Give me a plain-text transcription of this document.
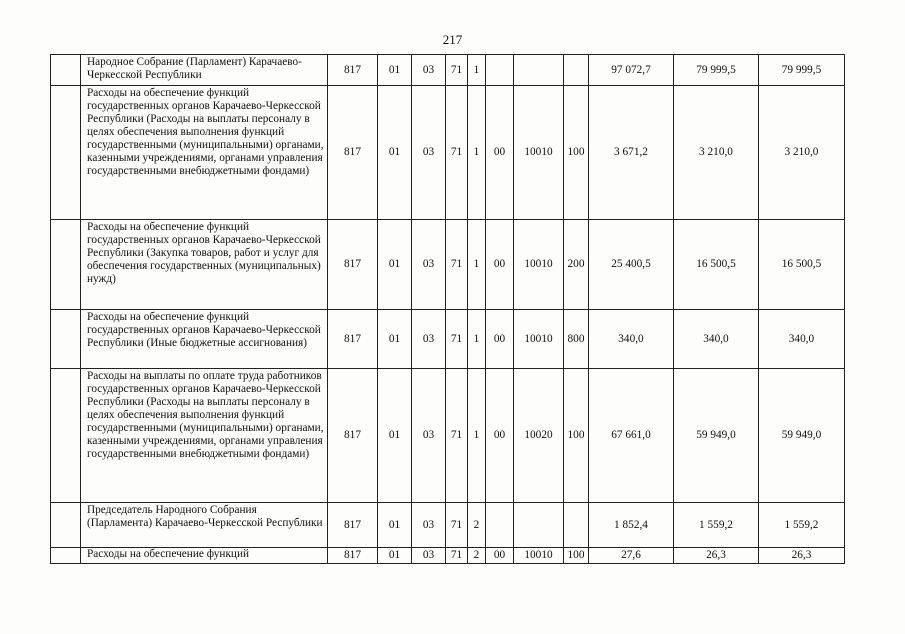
217
	Народное Собрание (Парламент) Карачаево-Черкесской Республики	817	01	03	71	1				97 072,7	79 999,5	79 999,5
	Расходы на обеспечение функций государственных органов Карачаево-Черкесской Республики (Расходы на выплаты персоналу в целях обеспечения выполнения функций государственными (муниципальными) органами, казенными учреждениями, органами управления государственными внебюджетными фондами)	817	01	03	71	1	00	10010	100	3 671,2	3 210,0	3 210,0
	Расходы на обеспечение функций государственных органов Карачаево-Черкесской Республики (Закупка товаров, работ и услуг для обеспечения государственных (муниципальных) нужд)	817	01	03	71	1	00	10010	200	25 400,5	16 500,5	16 500,5
	Расходы на обеспечение функций государственных органов Карачаево-Черкесской Республики (Иные бюджетные ассигнования)	817	01	03	71	1	00	10010	800	340,0	340,0	340,0
	Расходы на выплаты по оплате труда работников государственных органов Карачаево-Черкесской Республики (Расходы на выплаты персоналу в целях обеспечения выполнения функций государственными (муниципальными) органами, казенными учреждениями, органами управления государственными внебюджетными фондами)	817	01	03	71	1	00	10020	100	67 661,0	59 949,0	59 949,0
	Председатель Народного Собрания (Парламента) Карачаево-Черкесской Республики	817	01	03	71	2				1 852,4	1 559,2	1 559,2
	Расходы на обеспечение функций	817	01	03	71	2	00	10010	100	27,6	26,3	26,3
